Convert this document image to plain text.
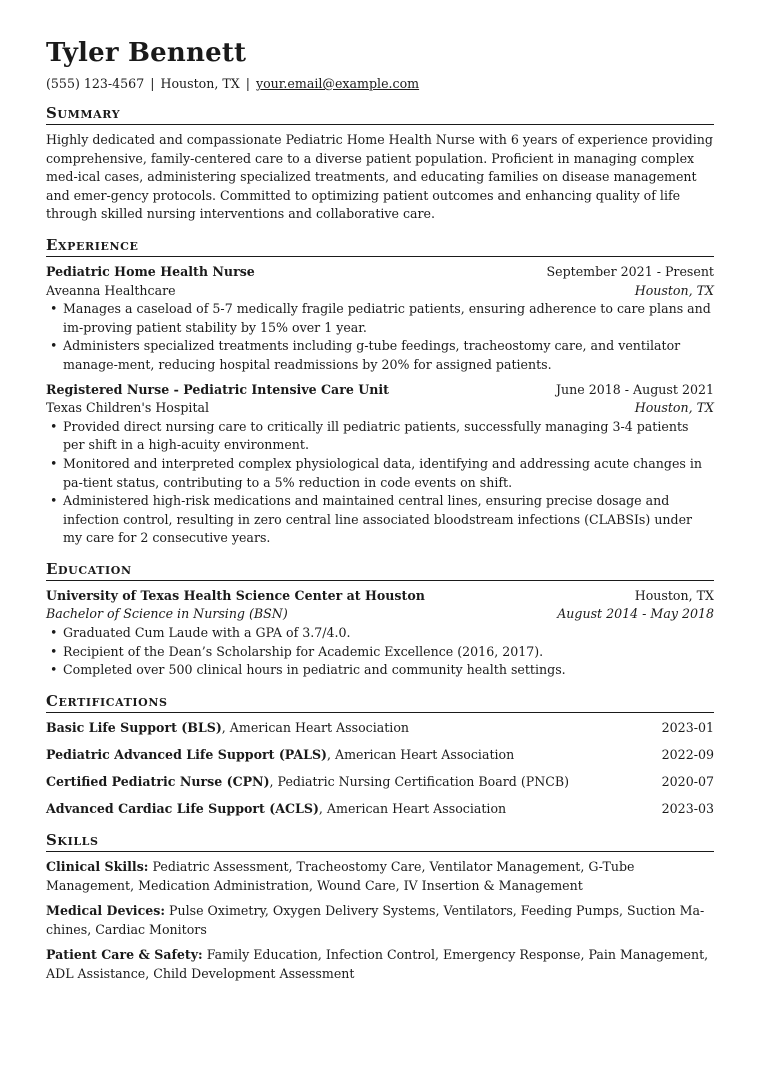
Tyler Bennett
(555) 123-4567 | Houston, TX | your.email@example.com
Summary
Highly dedicated and compassionate Pediatric Home Health Nurse with 6 years of experience providing comprehensive, family-centered care to a diverse patient population. Proficient in managing complex med-ical cases, administering specialized treatments, and educating families on disease management and emer-gency protocols. Committed to optimizing patient outcomes and enhancing quality of life through skilled nursing interventions and collaborative care.
Experience
Pediatric Home Health Nurse	September 2021 - Present
Aveanna Healthcare	Houston, TX
• Manages a caseload of 5-7 medically fragile pediatric patients, ensuring adherence to care plans and im-proving patient stability by 15% over 1 year.
• Administers specialized treatments including g-tube feedings, tracheostomy care, and ventilator manage-ment, reducing hospital readmissions by 20% for assigned patients.
Registered Nurse - Pediatric Intensive Care Unit	June 2018 - August 2021
Texas Children's Hospital	Houston, TX
• Provided direct nursing care to critically ill pediatric patients, successfully managing 3-4 patients per shift in a high-acuity environment.
• Monitored and interpreted complex physiological data, identifying and addressing acute changes in pa-tient status, contributing to a 5% reduction in code events on shift.
• Administered high-risk medications and maintained central lines, ensuring precise dosage and infection control, resulting in zero central line associated bloodstream infections (CLABSIs) under my care for 2 consecutive years.
Education
University of Texas Health Science Center at Houston	Houston, TX
Bachelor of Science in Nursing (BSN)	August 2014 - May 2018
• Graduated Cum Laude with a GPA of 3.7/4.0.
• Recipient of the Dean’s Scholarship for Academic Excellence (2016, 2017).
• Completed over 500 clinical hours in pediatric and community health settings.
Certifications
Basic Life Support (BLS), American Heart Association	2023-01
Pediatric Advanced Life Support (PALS), American Heart Association	2022-09
Certified Pediatric Nurse (CPN), Pediatric Nursing Certification Board (PNCB)	2020-07
Advanced Cardiac Life Support (ACLS), American Heart Association	2023-03
Skills
Clinical Skills: Pediatric Assessment, Tracheostomy Care, Ventilator Management, G-Tube Management, Medication Administration, Wound Care, IV Insertion & Management
Medical Devices: Pulse Oximetry, Oxygen Delivery Systems, Ventilators, Feeding Pumps, Suction Ma-chines, Cardiac Monitors
Patient Care & Safety: Family Education, Infection Control, Emergency Response, Pain Management, ADL Assistance, Child Development Assessment
